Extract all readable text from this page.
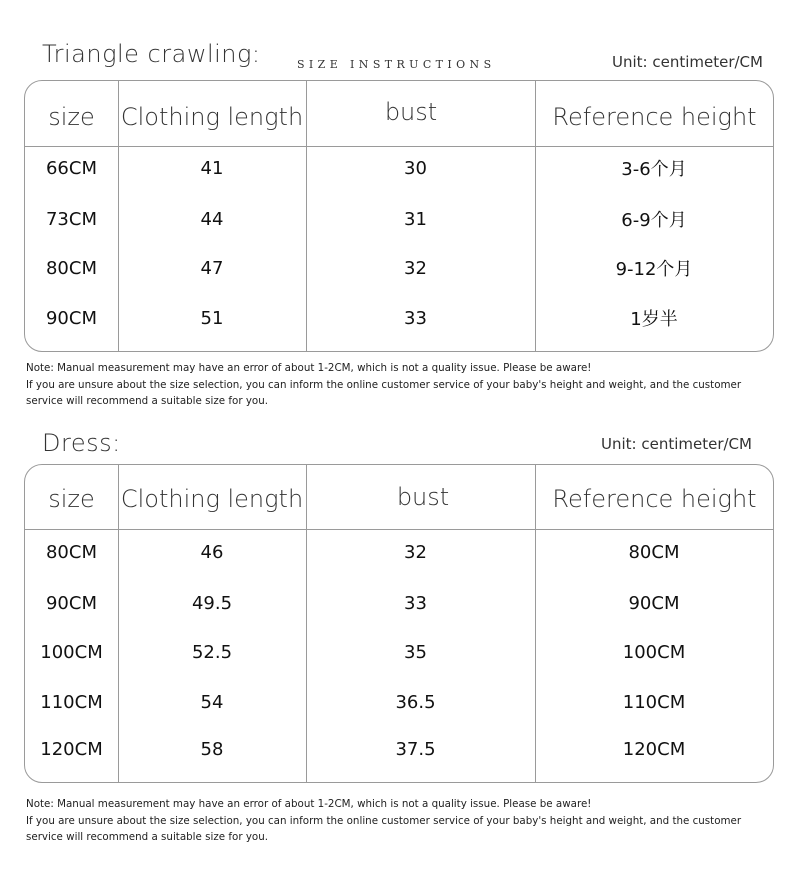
Triangle crawling:	SIZE INSTRUCTIONS	Unit: centimeter/CM
size	Clothing length	bust	Reference height
66CM	41	30	3-6个月
73CM	44	31	6-9个月
80CM	47	32	9-12个月
90CM	51	33	1岁半
Note: Manual measurement may have an error of about 1-2CM, which is not a quality issue. Please be aware!
If you are unsure about the size selection, you can inform the online customer service of your baby's height and weight, and the customer
service will recommend a suitable size for you.
Dress:	Unit: centimeter/CM
size	Clothing length	bust	Reference height
80CM	46	32	80CM
90CM	49.5	33	90CM
100CM	52.5	35	100CM
110CM	54	36.5	110CM
120CM	58	37.5	120CM
Note: Manual measurement may have an error of about 1-2CM, which is not a quality issue. Please be aware!
If you are unsure about the size selection, you can inform the online customer service of your baby's height and weight, and the customer
service will recommend a suitable size for you.
